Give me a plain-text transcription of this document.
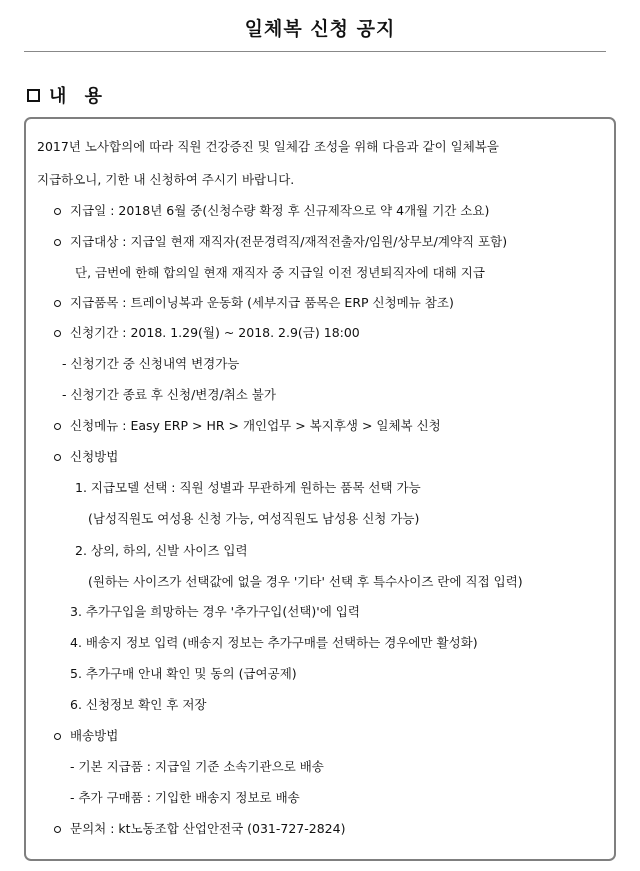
일체복 신청 공지
내 용
2017년 노사합의에 따라 직원 건강증진 및 일체감 조성을 위해 다음과 같이 일체복을
지급하오니, 기한 내 신청하여 주시기 바랍니다.
지급일 : 2018년 6월 중(신청수량 확정 후 신규제작으로 약 4개월 기간 소요)
지급대상 : 지급일 현재 재직자(전문경력직/재적전출자/임원/상무보/계약직 포함)
단, 금번에 한해 합의일 현재 재직자 중 지급일 이전 정년퇴직자에 대해 지급
지급품목 : 트레이닝복과 운동화 (세부지급 품목은 ERP 신청메뉴 참조)
신청기간 : 2018. 1.29(월) ~ 2018. 2.9(금) 18:00
- 신청기간 중 신청내역 변경가능
- 신청기간 종료 후 신청/변경/취소 불가
신청메뉴 : Easy ERP > HR > 개인업무 > 복지후생 > 일체복 신청
신청방법
1. 지급모델 선택 : 직원 성별과 무관하게 원하는 품목 선택 가능
(남성직원도 여성용 신청 가능, 여성직원도 남성용 신청 가능)
2. 상의, 하의, 신발 사이즈 입력
(원하는 사이즈가 선택값에 없을 경우 '기타' 선택 후 특수사이즈 란에 직접 입력)
3. 추가구입을 희망하는 경우 '추가구입(선택)'에 입력
4. 배송지 정보 입력 (배송지 정보는 추가구매를 선택하는 경우에만 활성화)
5. 추가구매 안내 확인 및 동의 (급여공제)
6. 신청정보 확인 후 저장
배송방법
- 기본 지급품 : 지급일 기준 소속기관으로 배송
- 추가 구매품 : 기입한 배송지 정보로 배송
문의처 : kt노동조합 산업안전국 (031-727-2824)
